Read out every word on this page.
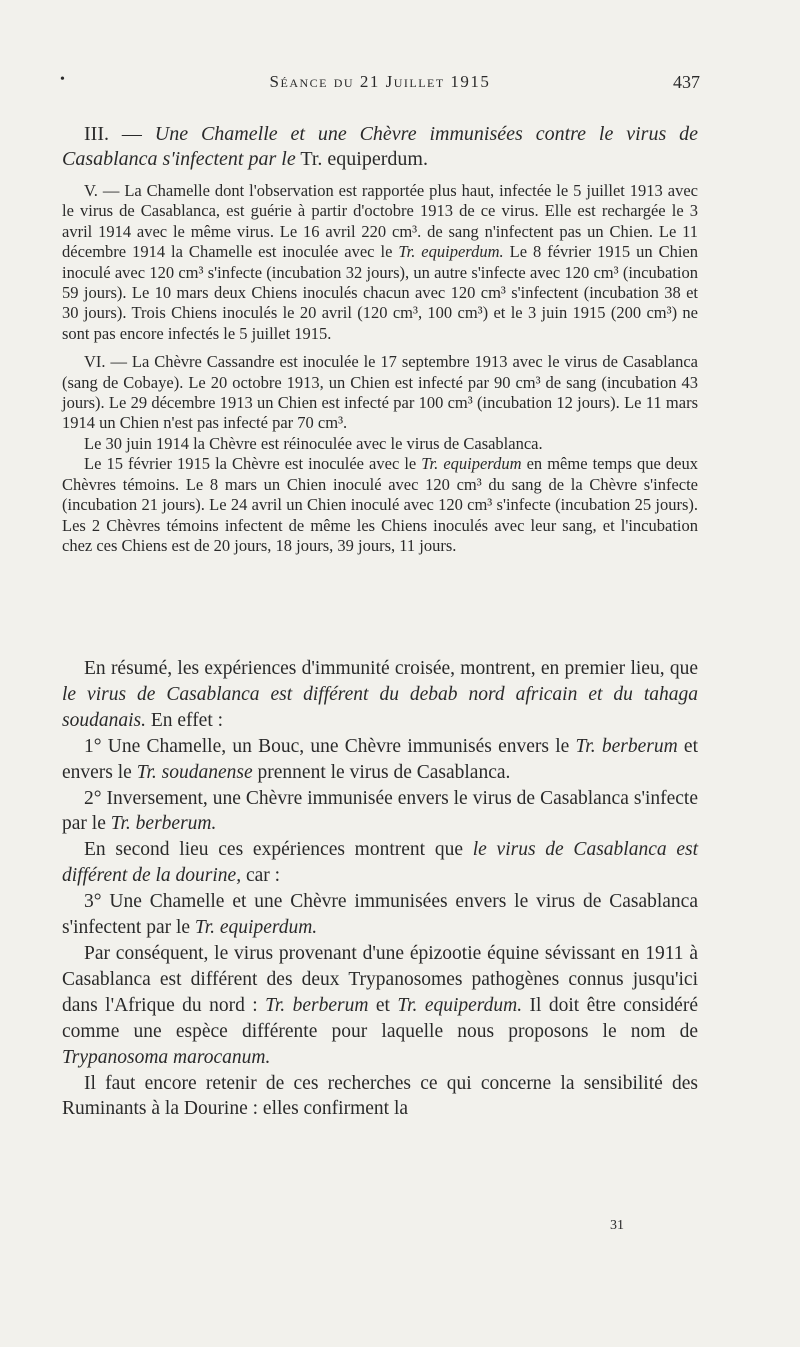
•	Séance du 21 Juillet 1915	437
III. — Une Chamelle et une Chèvre immunisées contre le virus de Casablanca s'infectent par le Tr. equiperdum.

V. — La Chamelle dont l'observation est rapportée plus haut, infectée le 5 juillet 1913 avec le virus de Casablanca, est guérie à partir d'octobre 1913 de ce virus. Elle est rechargée le 3 avril 1914 avec le même virus. Le 16 avril 220 cm³. de sang n'infectent pas un Chien. Le 11 décembre 1914 la Chamelle est inoculée avec le Tr. equiperdum. Le 8 février 1915 un Chien inoculé avec 120 cm³ s'infecte (incubation 32 jours), un autre s'infecte avec 120 cm³ (incubation 59 jours). Le 10 mars deux Chiens inoculés chacun avec 120 cm³ s'infectent (incubation 38 et 30 jours). Trois Chiens inoculés le 20 avril (120 cm³, 100 cm³) et le 3 juin 1915 (200 cm³) ne sont pas encore infectés le 5 juillet 1915.

VI. — La Chèvre Cassandre est inoculée le 17 septembre 1913 avec le virus de Casablanca (sang de Cobaye). Le 20 octobre 1913, un Chien est infecté par 90 cm³ de sang (incubation 43 jours). Le 29 décembre 1913 un Chien est infecté par 100 cm³ (incubation 12 jours). Le 11 mars 1914 un Chien n'est pas infecté par 70 cm³.

Le 30 juin 1914 la Chèvre est réinoculée avec le virus de Casablanca.

Le 15 février 1915 la Chèvre est inoculée avec le Tr. equiperdum en même temps que deux Chèvres témoins. Le 8 mars un Chien inoculé avec 120 cm³ du sang de la Chèvre s'infecte (incubation 21 jours). Le 24 avril un Chien inoculé avec 120 cm³ s'infecte (incubation 25 jours). Les 2 Chèvres témoins infectent de même les Chiens inoculés avec leur sang, et l'incubation chez ces Chiens est de 20 jours, 18 jours, 39 jours, 11 jours.

En résumé, les expériences d'immunité croisée, montrent, en premier lieu, que le virus de Casablanca est différent du debab nord africain et du tahaga soudanais. En effet :

1° Une Chamelle, un Bouc, une Chèvre immunisés envers le Tr. berberum et envers le Tr. soudanense prennent le virus de Casablanca.

2° Inversement, une Chèvre immunisée envers le virus de Casablanca s'infecte par le Tr. berberum.

En second lieu ces expériences montrent que le virus de Casablanca est différent de la dourine, car :

3° Une Chamelle et une Chèvre immunisées envers le virus de Casablanca s'infectent par le Tr. equiperdum.

Par conséquent, le virus provenant d'une épizootie équine sévissant en 1911 à Casablanca est différent des deux Trypanosomes pathogènes connus jusqu'ici dans l'Afrique du nord : Tr. berberum et Tr. equiperdum. Il doit être considéré comme une espèce différente pour laquelle nous proposons le nom de Trypanosoma marocanum.

Il faut encore retenir de ces recherches ce qui concerne la sensibilité des Ruminants à la Dourine : elles confirment la

31
